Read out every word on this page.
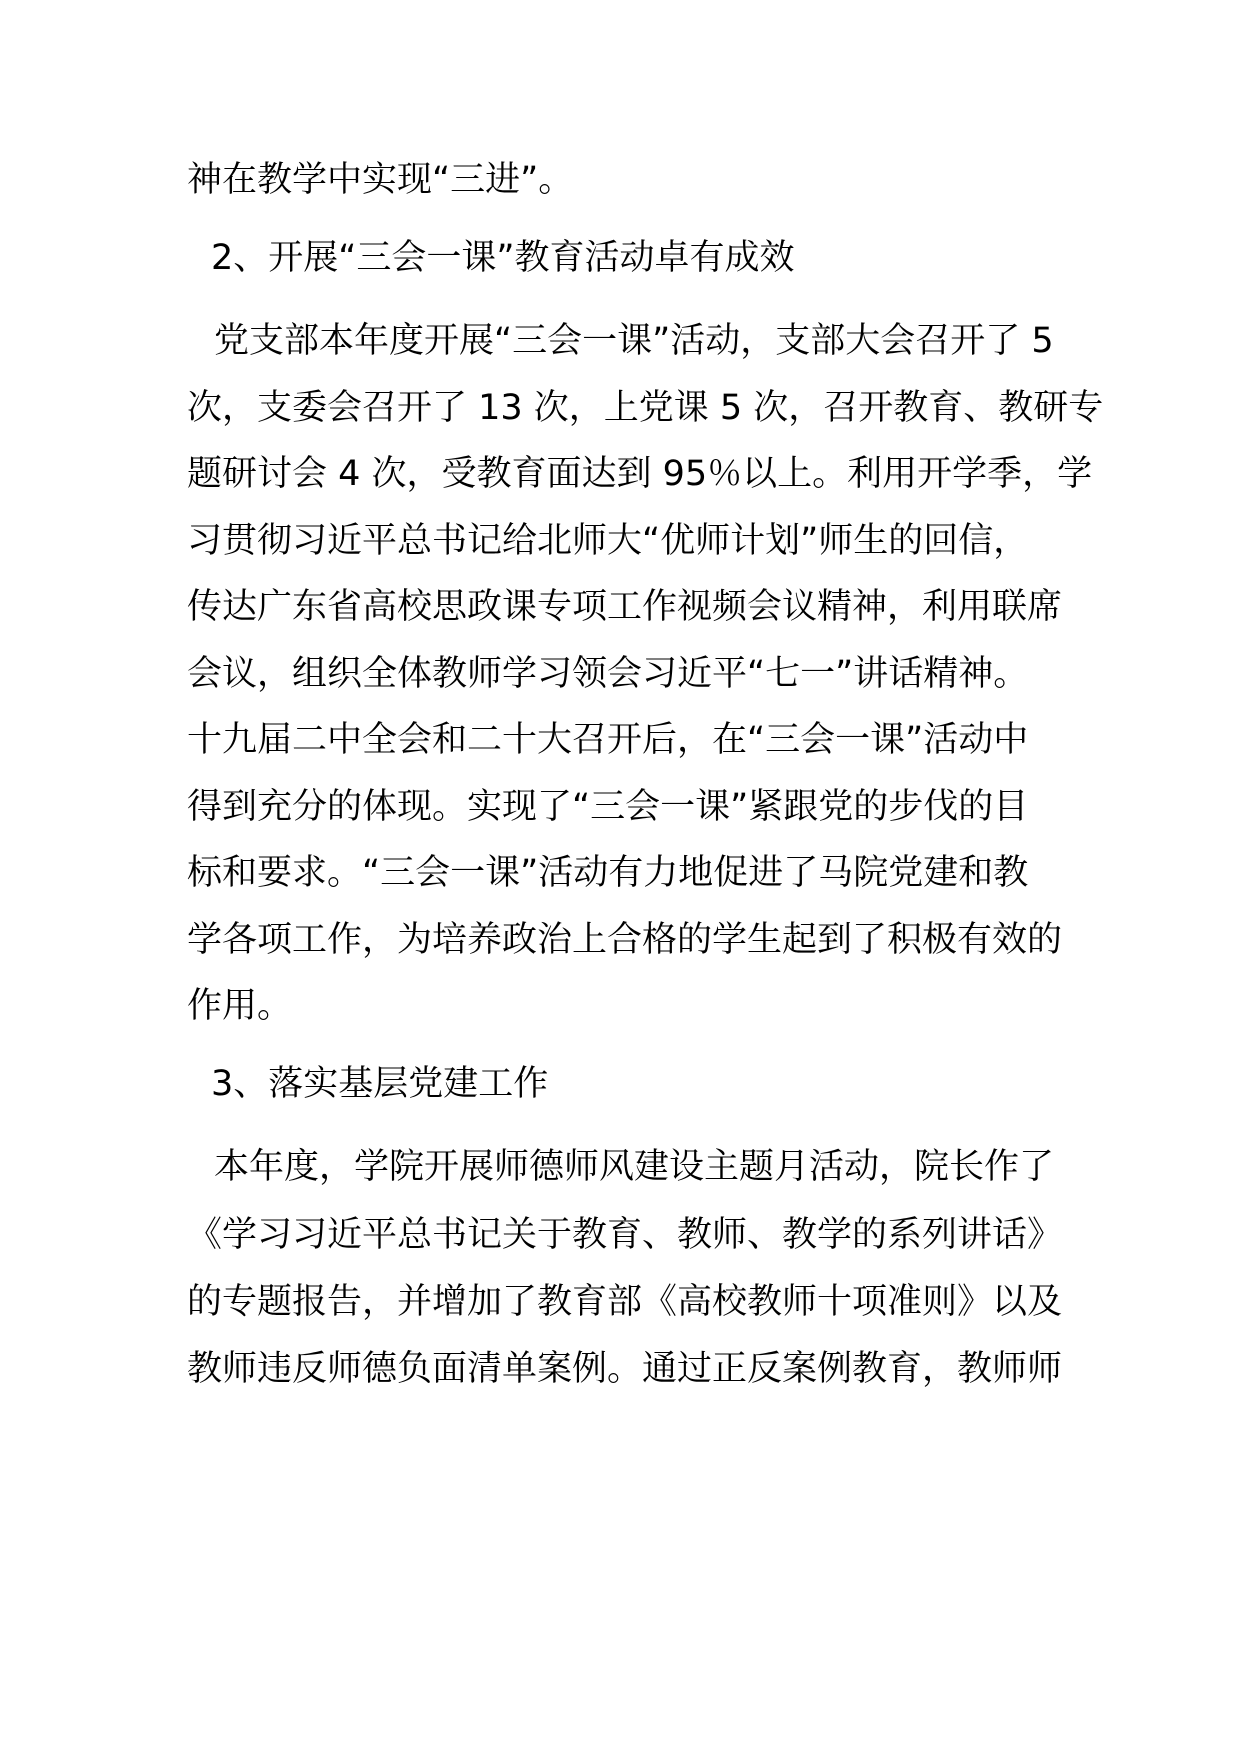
神在教学中实现“三进”。

2、开展“三会一课”教育活动卓有成效

党支部本年度开展“三会一课”活动，支部大会召开了 5

次，支委会召开了 13 次，上党课 5 次，召开教育、教研专

题研讨会 4 次，受教育面达到 95％以上。利用开学季，学

习贯彻习近平总书记给北师大“优师计划”师生的回信，

传达广东省高校思政课专项工作视频会议精神，利用联席

会议，组织全体教师学习领会习近平“七一”讲话精神。

十九届二中全会和二十大召开后，在“三会一课”活动中

得到充分的体现。实现了“三会一课”紧跟党的步伐的目

标和要求。“三会一课”活动有力地促进了马院党建和教

学各项工作，为培养政治上合格的学生起到了积极有效的

作用。

3、落实基层党建工作

本年度，学院开展师德师风建设主题月活动，院长作了

《学习习近平总书记关于教育、教师、教学的系列讲话》

的专题报告，并增加了教育部《高校教师十项准则》以及

教师违反师德负面清单案例。通过正反案例教育，教师师
